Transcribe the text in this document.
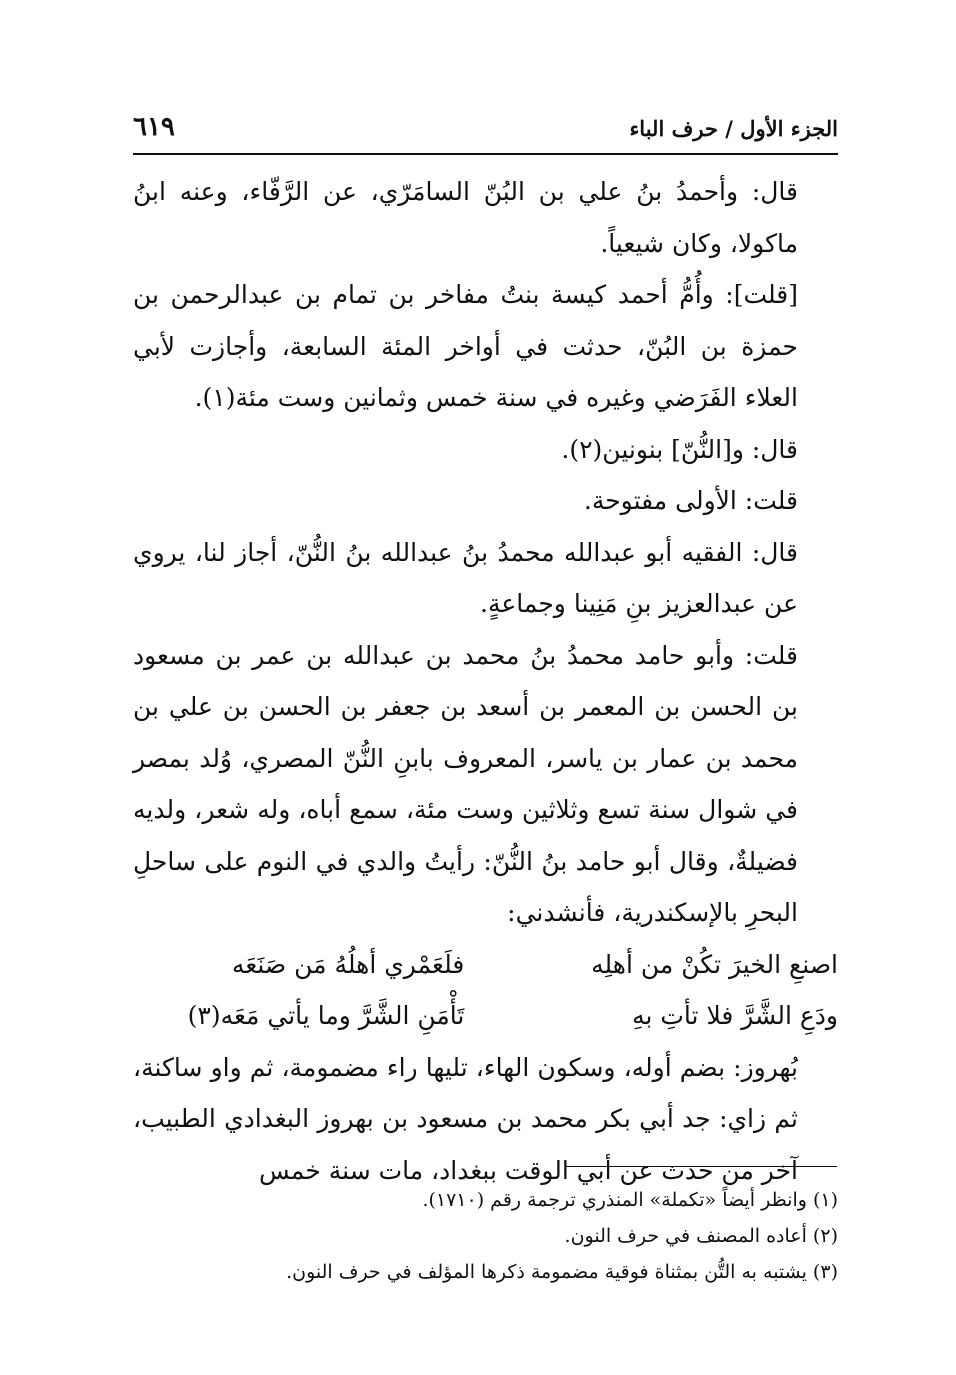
الجزء الأول / حرف الباء
٦١٩

قال: وأحمدُ بنُ علي بن البُنّ السامَرّي، عن الرَّفّاء، وعنه ابنُ ماكولا، وكان شيعياً.

[قلت]: وأُمُّ أحمد كيسة بنتُ مفاخر بن تمام بن عبدالرحمن بن حمزة بن البُنّ، حدثت في أواخر المئة السابعة، وأجازت لأبي العلاء الفَرَضي وغيره في سنة خمس وثمانين وست مئة(١).

قال: و[النُّنّ] بنونين(٢).

قلت: الأولى مفتوحة.

قال: الفقيه أبو عبدالله محمدُ بنُ عبدالله بنُ النُّنّ، أجاز لنا، يروي عن عبدالعزيز بنِ مَنِينا وجماعةٍ.

قلت: وأبو حامد محمدُ بنُ محمد بن عبدالله بن عمر بن مسعود بن الحسن بن المعمر بن أسعد بن جعفر بن الحسن بن علي بن محمد بن عمار بن ياسر، المعروف بابنِ النُّنّ المصري، وُلد بمصر في شوال سنة تسع وثلاثين وست مئة، سمع أباه، وله شعر، ولديه فضيلةٌ، وقال أبو حامد بنُ النُّنّ: رأيتُ والدي في النوم على ساحلِ البحرِ بالإسكندرية، فأنشدني:

اصنعِ الخيرَ تكُنْ من أهلِه
فلَعَمْري أهلُهُ مَن صَنَعَه
ودَعِ الشَّرَّ فلا تأتِ بهِ
تَأْمَنِ الشَّرَّ وما يأتي مَعَه(٣)

بُهروز: بضم أوله، وسكون الهاء، تليها راء مضمومة، ثم واو ساكنة، ثم زاي: جد أبي بكر محمد بن مسعود بن بهروز البغدادي الطبيب، آخر من حدث عن أبي الوقت ببغداد، مات سنة خمس

(١) وانظر أيضاً «تكملة» المنذري ترجمة رقم (١٧١٠).

(٢) أعاده المصنف في حرف النون.

(٣) يشتبه به التُّن بمثناة فوقية مضمومة ذكرها المؤلف في حرف النون.
